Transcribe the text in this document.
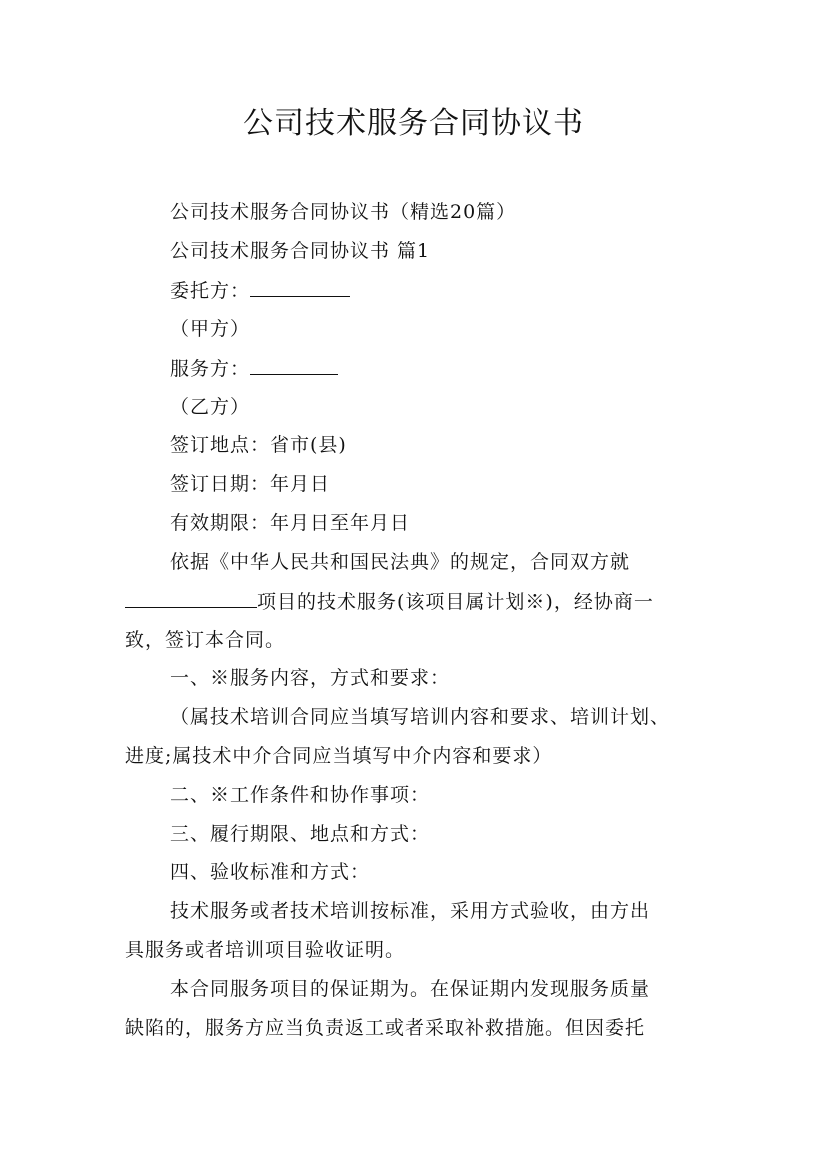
公司技术服务合同协议书
公司技术服务合同协议书（精选20篇）
公司技术服务合同协议书 篇1
委托方：
（甲方）
服务方：
（乙方）
签订地点：省市(县)
签订日期：年月日
有效期限：年月日至年月日
依据《中华人民共和国民法典》的规定，合同双方就
项目的技术服务(该项目属计划※)，经协商一
致，签订本合同。
一、※服务内容，方式和要求：
（属技术培训合同应当填写培训内容和要求、培训计划、
进度;属技术中介合同应当填写中介内容和要求）
二、※工作条件和协作事项：
三、履行期限、地点和方式：
四、验收标准和方式：
技术服务或者技术培训按标准，采用方式验收，由方出
具服务或者培训项目验收证明。
本合同服务项目的保证期为。在保证期内发现服务质量
缺陷的，服务方应当负责返工或者采取补救措施。但因委托
